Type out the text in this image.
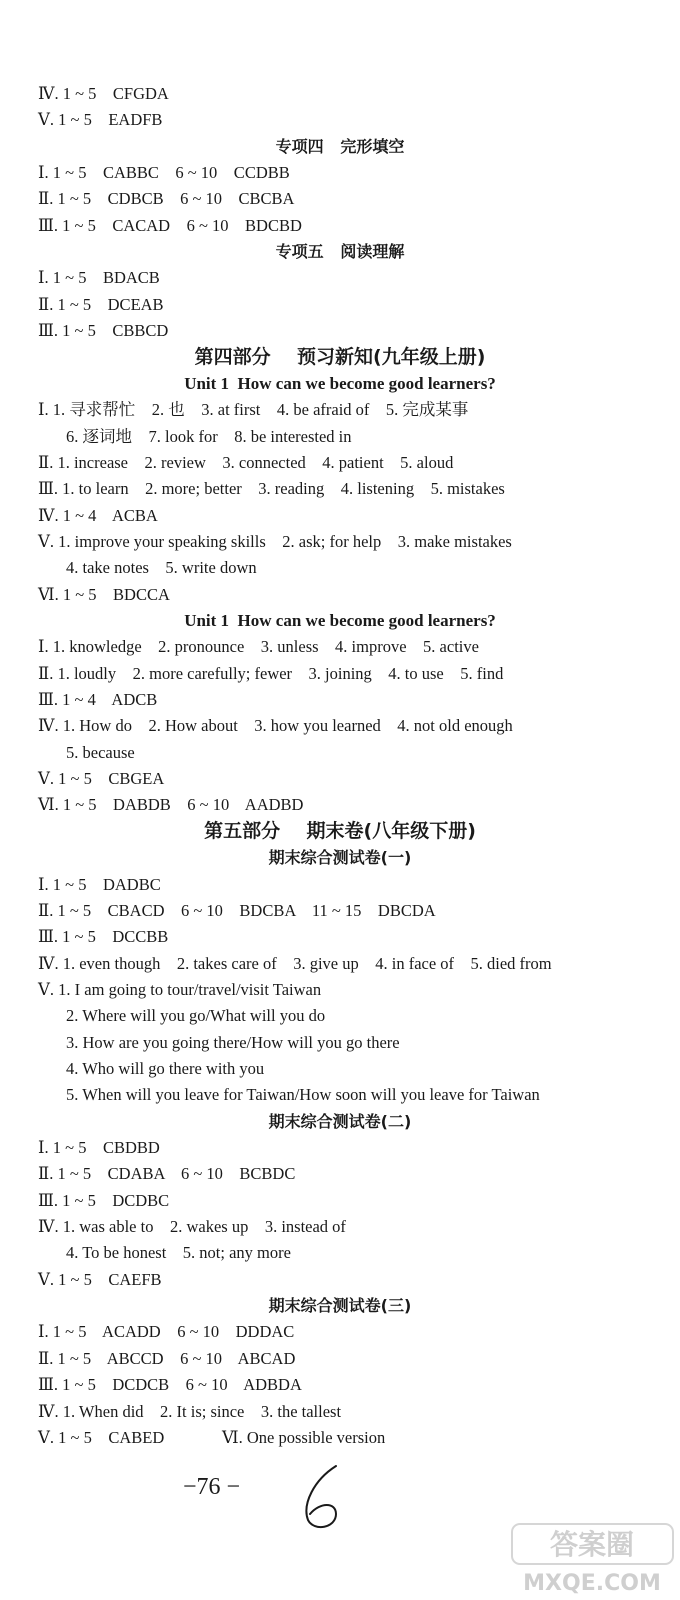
Ⅳ. 1 ~ 5    CFGDA
Ⅴ. 1 ~ 5    EADFB
专项四   完形填空
Ⅰ. 1 ~ 5    CABBC    6 ~ 10    CCDBB
Ⅱ. 1 ~ 5    CDBCB    6 ~ 10    CBCBA
Ⅲ. 1 ~ 5    CACAD    6 ~ 10    BDCBD
专项五   阅读理解
Ⅰ. 1 ~ 5    BDACB
Ⅱ. 1 ~ 5    DCEAB
Ⅲ. 1 ~ 5    CBBCD
第四部分    预习新知(九年级上册)
Unit 1  How can we become good learners?
Ⅰ. 1. 寻求帮忙    2. 也    3. at first    4. be afraid of    5. 完成某事
6. 逐词地    7. look for    8. be interested in
Ⅱ. 1. increase    2. review    3. connected    4. patient    5. aloud
Ⅲ. 1. to learn    2. more; better    3. reading    4. listening    5. mistakes
Ⅳ. 1 ~ 4    ACBA
Ⅴ. 1. improve your speaking skills    2. ask; for help    3. make mistakes
4. take notes    5. write down
Ⅵ. 1 ~ 5    BDCCA
Unit 1  How can we become good learners?
Ⅰ. 1. knowledge    2. pronounce    3. unless    4. improve    5. active
Ⅱ. 1. loudly    2. more carefully; fewer    3. joining    4. to use    5. find
Ⅲ. 1 ~ 4    ADCB
Ⅳ. 1. How do    2. How about    3. how you learned    4. not old enough
5. because
Ⅴ. 1 ~ 5    CBGEA
Ⅵ. 1 ~ 5    DABDB    6 ~ 10    AADBD
第五部分    期末卷(八年级下册)
期末综合测试卷(一)
Ⅰ. 1 ~ 5    DADBC
Ⅱ. 1 ~ 5    CBACD    6 ~ 10    BDCBA    11 ~ 15    DBCDA
Ⅲ. 1 ~ 5    DCCBB
Ⅳ. 1. even though    2. takes care of    3. give up    4. in face of    5. died from
Ⅴ. 1. I am going to tour/travel/visit Taiwan
2. Where will you go/What will you do
3. How are you going there/How will you go there
4. Who will go there with you
5. When will you leave for Taiwan/How soon will you leave for Taiwan
期末综合测试卷(二)
Ⅰ. 1 ~ 5    CBDBD
Ⅱ. 1 ~ 5    CDABA    6 ~ 10    BCBDC
Ⅲ. 1 ~ 5    DCDBC
Ⅳ. 1. was able to    2. wakes up    3. instead of
4. To be honest    5. not; any more
Ⅴ. 1 ~ 5    CAEFB
期末综合测试卷(三)
Ⅰ. 1 ~ 5    ACADD    6 ~ 10    DDDAC
Ⅱ. 1 ~ 5    ABCCD    6 ~ 10    ABCAD
Ⅲ. 1 ~ 5    DCDCB    6 ~ 10    ADBDA
Ⅳ. 1. When did    2. It is; since    3. the tallest
Ⅴ. 1 ~ 5    CABED              Ⅵ. One possible version
−76 −
答案圈
MXQE.COM
